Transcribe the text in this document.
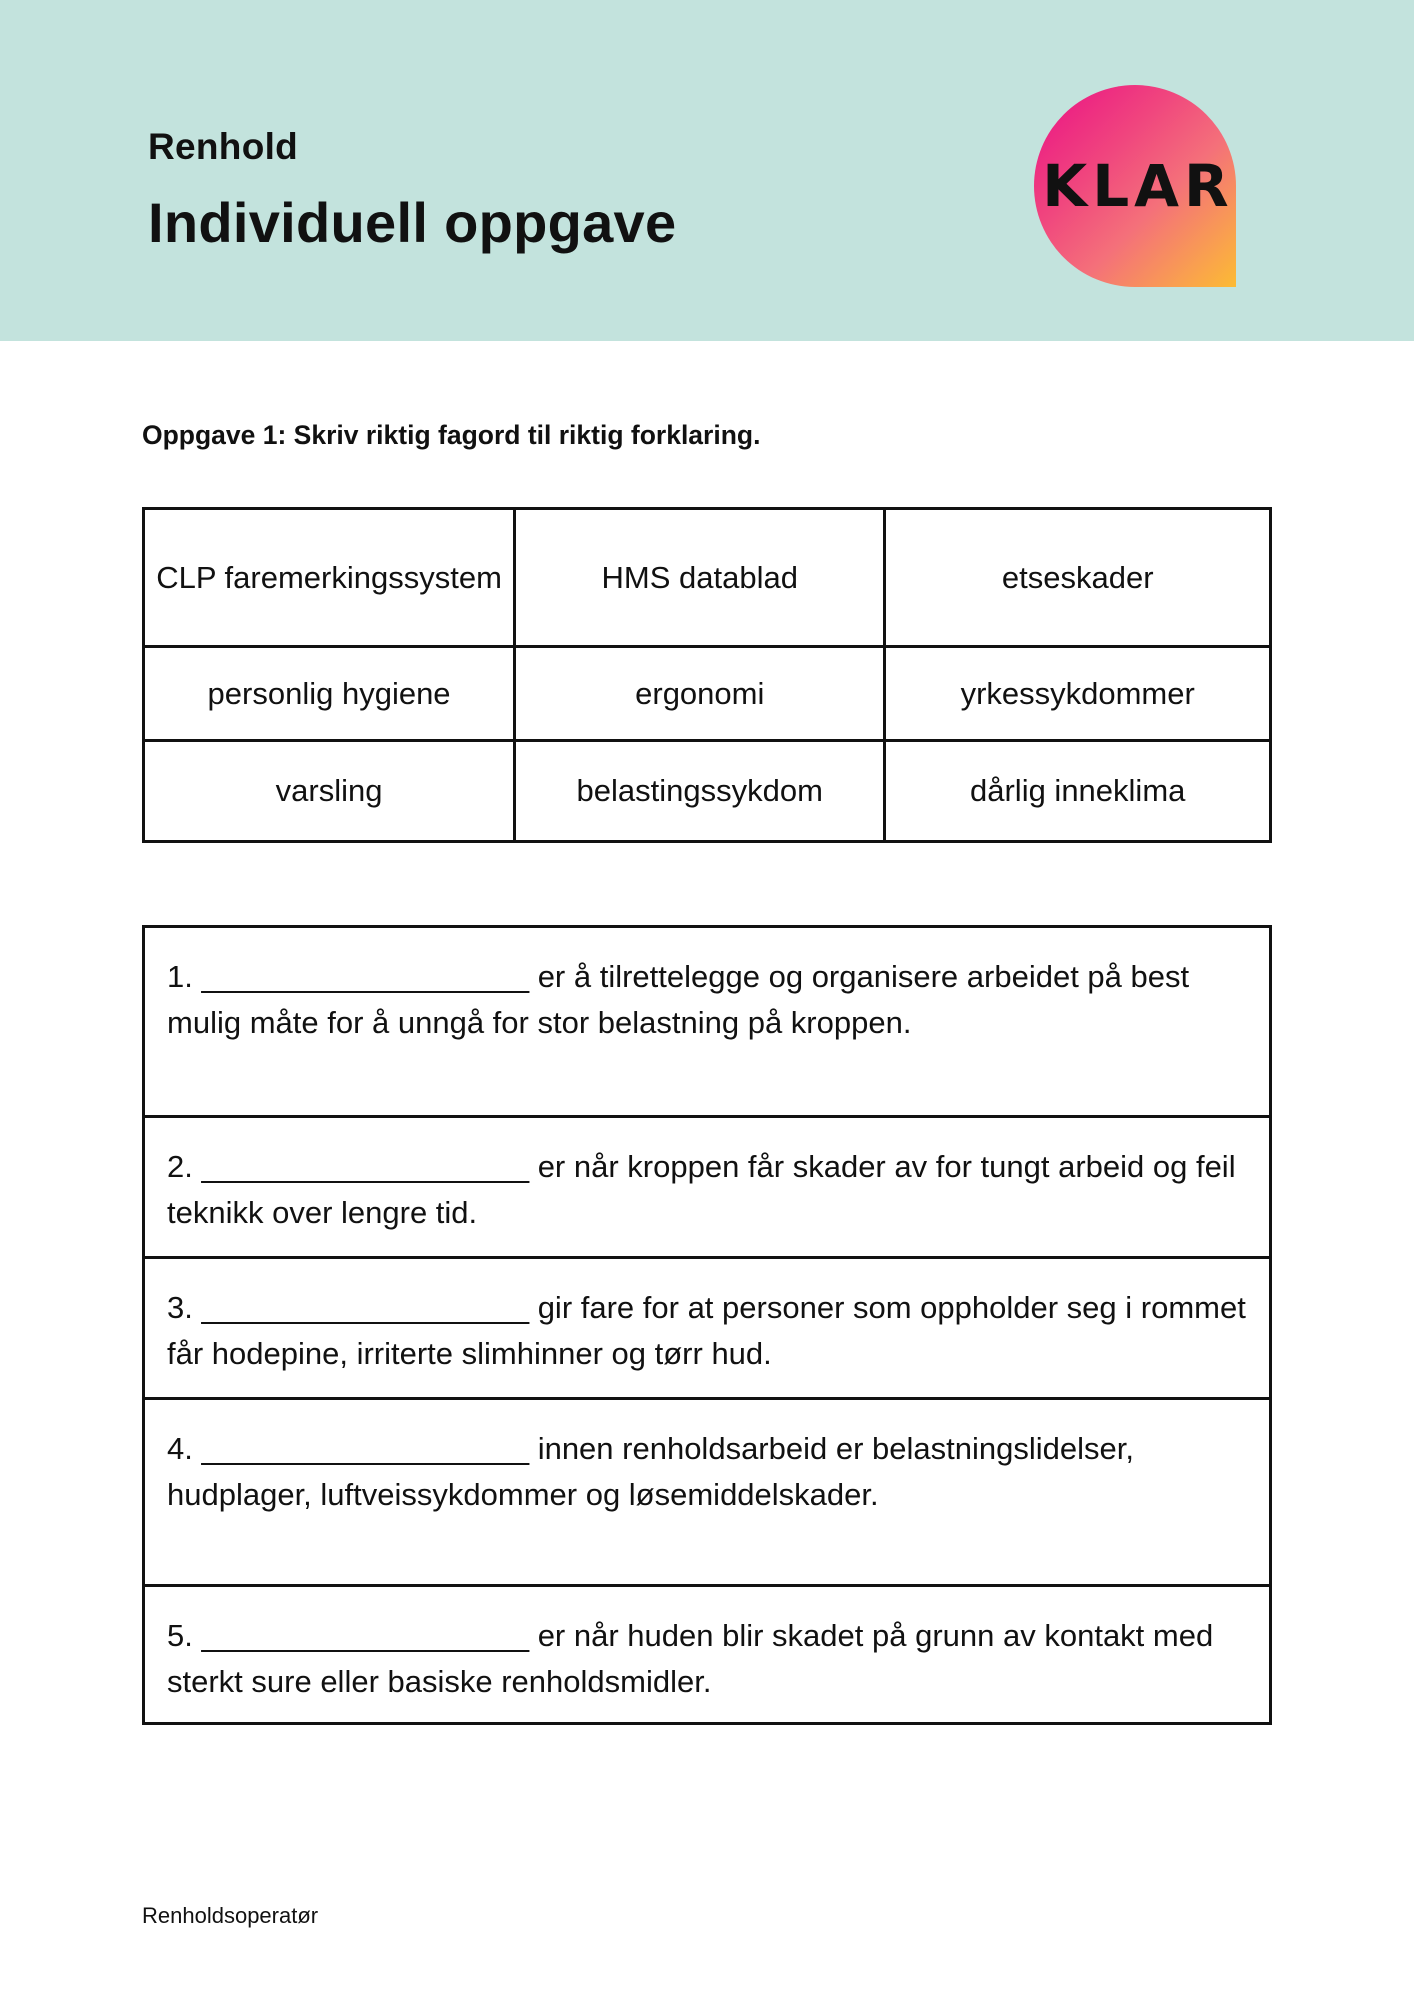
Renhold
Individuell oppgave
KLAR
Oppgave 1: Skriv riktig fagord til riktig forklaring.
CLP faremerkingssystem	HMS datablad	etseskader
personlig hygiene	ergonomi	yrkessykdommer
varsling	belastingssykdom	dårlig inneklima
1. ___________________ er å tilrettelegge og organisere arbeidet på best mulig måte for å unngå for stor belastning på kroppen.
2. ___________________ er når kroppen får skader av for tungt arbeid og feil teknikk over lengre tid.
3. ___________________ gir fare for at personer som oppholder seg i rommet får hodepine, irriterte slimhinner og tørr hud.
4. ___________________ innen renholdsarbeid er belastningslidelser, hudplager, luftveissykdommer og løsemiddelskader.
5. ___________________ er når huden blir skadet på grunn av kontakt med sterkt sure eller basiske renholdsmidler.
Renholdsoperatør
